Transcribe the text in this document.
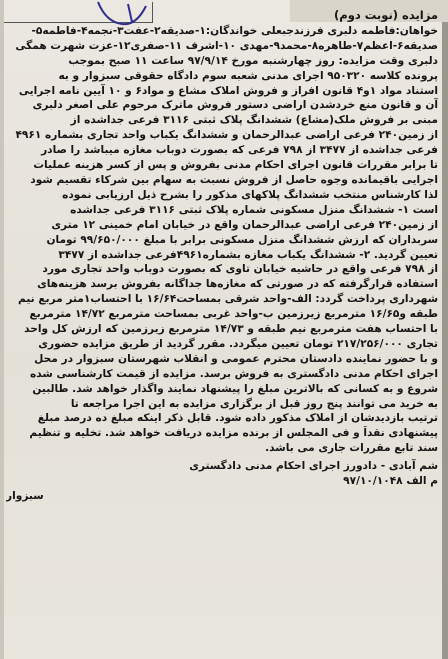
مزایده (نوبت دوم)
خواهان:فاطمه دلبری فرزندجبعلی خواندگان:۱-صدیقه۲-عفت۳-نجمه۴-فاطمه۵-
صدیقه۶-اعظم۷-طاهره۸-محمد۹-مهدی ۱۰-اشرف ۱۱-صفری۱۲-عزت شهرت همگی
دلبری وقت مزایده: روز چهارشنبه مورخ ۹۷/۹/۱۴ ساعت ۱۱ صبح بموجب
پرونده کلاسه ۹۵۰۳۲۰ اجرای مدنی شعبه سوم دادگاه حقوقی سبزوار و به
استناد مواد ۱و۴ قانون افراز و فروش املاک مشاع و مواد۶ و ۱۰ آیین نامه اجرایی
آن و قانون منع خردشدن اراضی دستور فروش ماترک مرحوم علی اصغر دلبری
مبنی بر فروش ملک(مشاع) ششدانگ پلاک ثبتی ۳۱۱۶ فرعی جداشده از
از زمین۲۴۰ فرعی اراضی عبدالرحمان و ششدانگ یکباب واحد تجاری بشماره ۴۹۶۱
فرعی جداشده از ۳۴۷۷ از ۷۹۸ فرعی که بصورت دوباب مغازه میباشد را صادر
تا برابر مقررات قانون اجرای احکام مدنی بفروش و پس از کسر هزینه عملیات
اجرایی باقیمانده وجوه حاصل از فروش نسبت به سهام بین شرکاء تقسیم شود
لذا کارشناس منتخب ششدانگ پلاکهای مذکور را بشرح ذیل ارزیابی نموده
است ۱- ششدانگ منزل مسکونی شماره پلاک ثبتی ۳۱۱۶ فرعی جداشده
از زمین۲۴۰ فرعی اراضی عبدالرحمان واقع در خیابان امام خمینی ۱۲ متری
سربداران که ارزش ششدانگ منزل مسکونی برابر با مبلغ ۹۹/۶۵۰/۰۰۰ تومان
تعیین گردید. ۲- ششدانگ یکباب مغازه بشماره۴۹۶۱فرعی جداشده از ۳۴۷۷
از ۷۹۸ فرعی واقع در حاشیه خیابان تاوی که بصورت دوباب واحد تجاری مورد
استفاده قرارگرفته که در صورتی که مغازه‌ها جداگانه بفروش برسد هزینه‌های
شهرداری پرداخت گردد: الف-واحد شرقی بمساحت۱۶/۶۴ با احتساب۱متر مربع نیم
طبقه و۱۶/۶۵ مترمربع زیرزمین ب-واحد غربی بمساحت مترمربع ۱۴/۷۲ مترمربع
با احتساب هفت مترمربع نیم طبقه و ۱۴/۷۳ مترمربع زیرزمین که ارزش کل واحد
تجاری ۲۱۷/۲۵۶/۰۰۰ تومان تعیین میگردد. مقرر گردید از طریق مزایده حضوری
و با حضور نماینده دادستان محترم عمومی و انقلاب شهرستان سبزوار در محل
اجرای احکام مدنی دادگستری به فروش برسد. مزایده از قیمت کارشناسی شده
شروع و به کسانی که بالاترین مبلغ را پیشنهاد نمایند واگذار خواهد شد. طالبین
به خرید می توانند پنج روز قبل از برگزاری مزایده به این اجرا مراجعه تا
ترتیب بازدیدشان از املاک مذکور داده شود. قابل ذکر اینکه مبلغ ده درصد مبلغ
پیشنهادی نقداً و فی المجلس از برنده مزایده دریافت خواهد شد. تخلیه و تنظیم
سند تابع مقررات جاری می باشد.
شم آبادی - دادورز اجرای احکام مدنی دادگستری
م الف ۹۷/۱۰/۱۰۴۸
سبزوار
